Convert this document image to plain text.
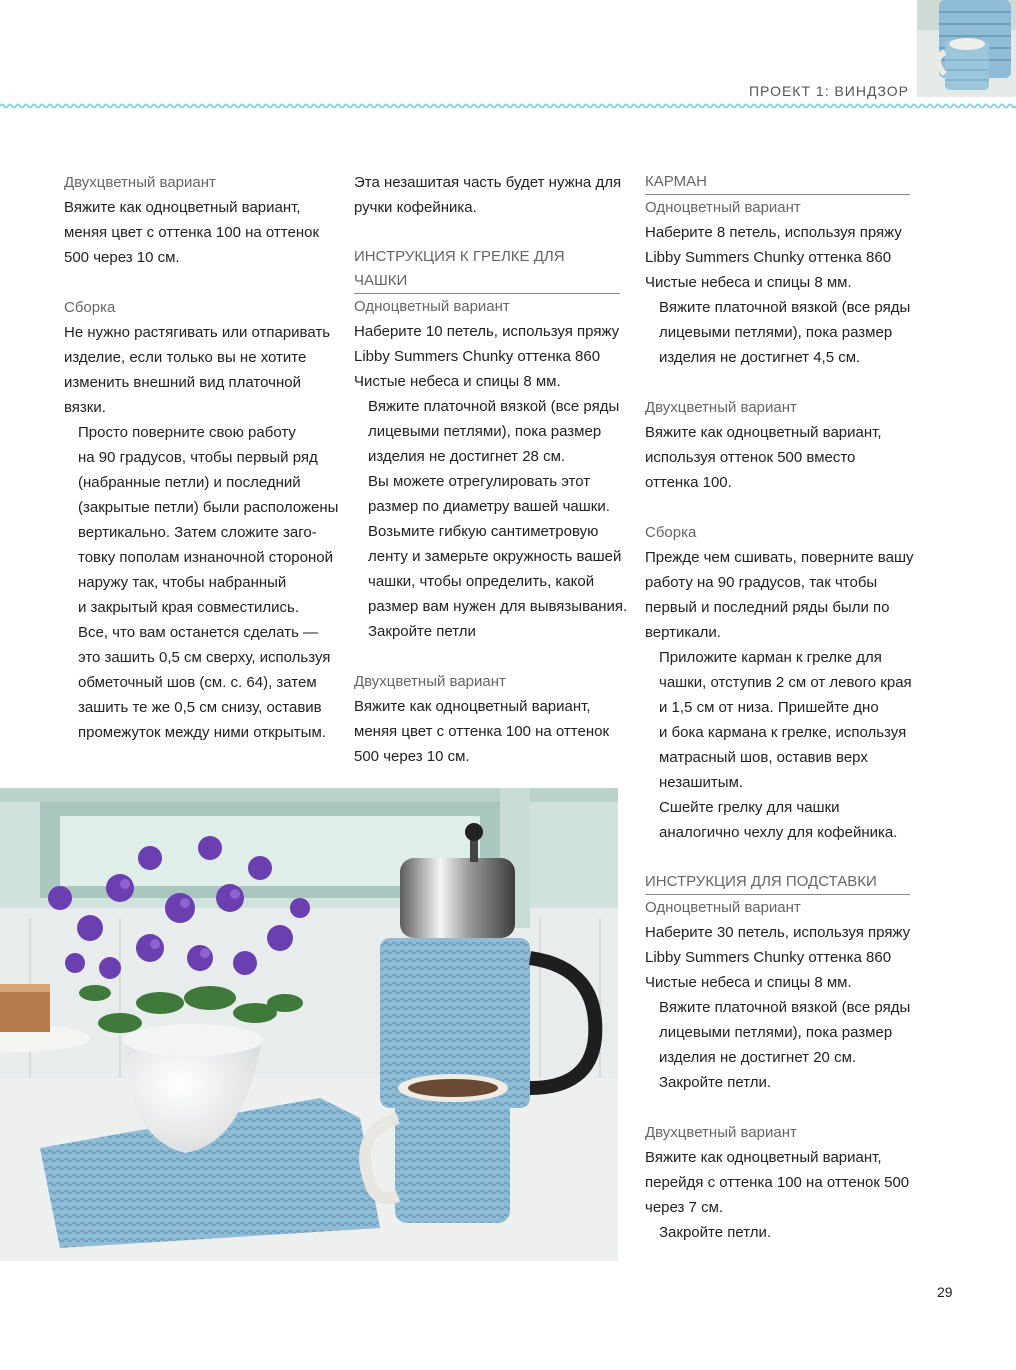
ПРОЕКТ 1: ВИНДЗОР
Двухцветный вариант
Вяжите как одноцветный вариант,
меняя цвет с оттенка 100 на оттенок
500 через 10 см.
Сборка
Не нужно растягивать или отпаривать
изделие, если только вы не хотите
изменить внешний вид платочной
вязки.
Просто поверните свою работу
на 90 градусов, чтобы первый ряд
(набранные петли) и последний
(закрытые петли) были расположены
вертикально. Затем сложите заго-
товку пополам изнаночной стороной
наружу так, чтобы набранный
и закрытый края совместились.
Все, что вам останется сделать —
это зашить 0,5 см сверху, используя
обметочный шов (см. с. 64), затем
зашить те же 0,5 см снизу, оставив
промежуток между ними открытым.
Эта незашитая часть будет нужна для
ручки кофейника.
ИНСТРУКЦИЯ К ГРЕЛКЕ ДЛЯ ЧАШКИ
Одноцветный вариант
Наберите 10 петель, используя пряжу
Libby Summers Chunky оттенка 860
Чистые небеса и спицы 8 мм.
Вяжите платочной вязкой (все ряды
лицевыми петлями), пока размер
изделия не достигнет 28 см.
Вы можете отрегулировать этот
размер по диаметру вашей чашки.
Возьмите гибкую сантиметровую
ленту и замерьте окружность вашей
чашки, чтобы определить, какой
размер вам нужен для вывязывания.
Закройте петли
Двухцветный вариант
Вяжите как одноцветный вариант,
меняя цвет с оттенка 100 на оттенок
500 через 10 см.
КАРМАН
Одноцветный вариант
Наберите 8 петель, используя пряжу
Libby Summers Chunky оттенка 860
Чистые небеса и спицы 8 мм.
Вяжите платочной вязкой (все ряды
лицевыми петлями), пока размер
изделия не достигнет 4,5 см.
Двухцветный вариант
Вяжите как одноцветный вариант,
используя оттенок 500 вместо
оттенка 100.
Сборка
Прежде чем сшивать, поверните вашу
работу на 90 градусов, так чтобы
первый и последний ряды были по
вертикали.
Приложите карман к грелке для
чашки, отступив 2 см от левого края
и 1,5 см от низа. Пришейте дно
и бока кармана к грелке, используя
матрасный шов, оставив верх
незашитым.
Сшейте грелку для чашки
аналогично чехлу для кофейника.
ИНСТРУКЦИЯ ДЛЯ ПОДСТАВКИ
Одноцветный вариант
Наберите 30 петель, используя пряжу
Libby Summers Chunky оттенка 860
Чистые небеса и спицы 8 мм.
Вяжите платочной вязкой (все ряды
лицевыми петлями), пока размер
изделия не достигнет 20 см.
Закройте петли.
Двухцветный вариант
Вяжите как одноцветный вариант,
перейдя с оттенка 100 на оттенок 500
через 7 см.
Закройте петли.
29
